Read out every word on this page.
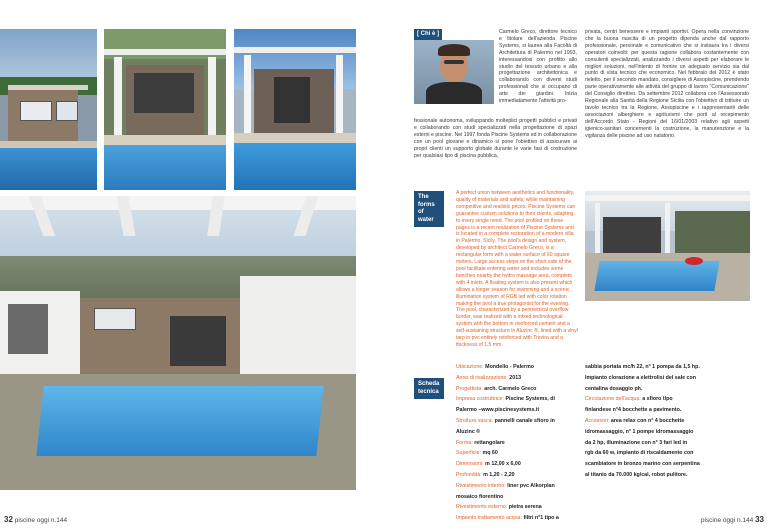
32 piscine oggi n.144
[ Chi è ]	Carmelo Greco, direttore tecnico e titolare dell'azienda Piscine Systems, si laurea alla Facoltà di Architettura di Palermo nel 1993, interessandosi con profitto allo studio del tessuto urbano e alla progettazione architettonica e collaborando con diversi studi professionali che si occupano di arte dei giardini. Inizia immediatamente l'attività pro-

fessionale autonoma, sviluppando molteplici progetti pubblici e privati e collaborando con studi specializzati nella progettazione di spazi esterni e piscine. Nei 1997 fonda Piscine Systems ed in collaborazione con un pool giovane e dinamico si pone l'obiettivo di assicurare ai propri clienti un supporto globale durante le varie fasi di costruzione per qualsiasi tipo di piscina pubblica,

privata, centri benessere e impianti sportivi. Opera nella convinzione che la buona riuscita di un progetto dipenda anche dal rapporto professionale, personale e comunicativo che si instaura tra i diversi operatori coinvolti: per questa ragione collabora costantemente con consulenti specializzati, analizzando i diversi aspetti per elaborare le migliori soluzioni, nell'intento di fornire un adeguato servizio sia dal punto di vista tecnico che economico. Nel febbraio del 2012 è stato rieletto, per il secondo mandato, consigliere di Assopiscine, prendendo parte operativamente alle attività del gruppo di lavoro "Comunicazione" del Consiglio direttivo. Da settembre 2012 collabora con l'Assessorato Regionale alla Sanità della Regione Sicilia con l'obiettivo di istituire un tavolo tecnico tra la Regione, Assopiscine e i rappresentanti delle associazioni alberghiere e agriturismi che porti al recepimento dell'Accordo Stato - Regioni del 16/01/2003 relativo agli aspetti igienico-sanitari concernenti la costruzione, la manutenzione e la vigilanza delle piscine ad uso natatorio.

The
forms
of
water
A perfect union between aesthetics and functionality, quality of materials and safety, while maintaining competitive and realistic prices: Piscine Systems can guarantee custom solutions to their clients, adapting to every single need. The pool profiled on these pages is a recent realization of Piscine Systems and is located in a complete restoration of a modern villa in Palermo, Sicily. The pool's design and system, developed by architect Carmelo Greco, is a rectangular form with a water surface of 60 square meters. Large access steps on the short side of the pool facilitate entering water and includes some benches nearby the hydro massage area, complete with 4 inlets. A floating system is also present which allows a longer season for swimming and a scenic illumination system of RGB led with color rotation making the pool a true protagonist for the evening. The pool, characterized by a perimetrical overflow border, was realized with a mixed technological system with the bottom in reinforced cement and a self-sustaining structure in Aluzinc ®, lined with a vinyl tarp in pvc entirely reinforced with Trevira and a thickness of 1,5 mm.
Scheda
tecnica
Ubicazione: Mondello - Palermo
Anno di realizzazione: 2013
Progettista: arch. Carmelo Greco
Impresa costruttrice: Piscine Systems, di
Palermo –www.piscinesystems.it
Struttura vasca: pannelli canale sfioro in
Aluzinc ®
Forma: rettangolare
Superficie: mq 60
Dimensioni: m 12,00 x 6,00
Profondità: m 1,20 - 2,20
Rivestimento interno: liner pvc Alkorplan
mosaico fiorentino
Rivestimento esterno: pietra serena
Impianto trattamento acqua: filtri n°1 tipo a
sabbia portata mc/h 22, n° 1 pompa da 1,5 hp.
Impianto clorazione a elettrolisi del sale con
centalina dosaggio ph.
Circolazione dell'acqua: a sfioro tipo
finlandese n°4 bocchette a pavimento.
Accessori: area relax con n° 4 bocchette
idromassaggio, n° 1 pompe idromassaggio
da 2 hp, illuminazione con n° 3 fari led in
rgb da 60 w, impianto di riscaldamento con
scambiatore in bronzo marino con serpentina
al titanio da 70.000 kg/cal, robot pulitore.
piscine oggi n.144 33
